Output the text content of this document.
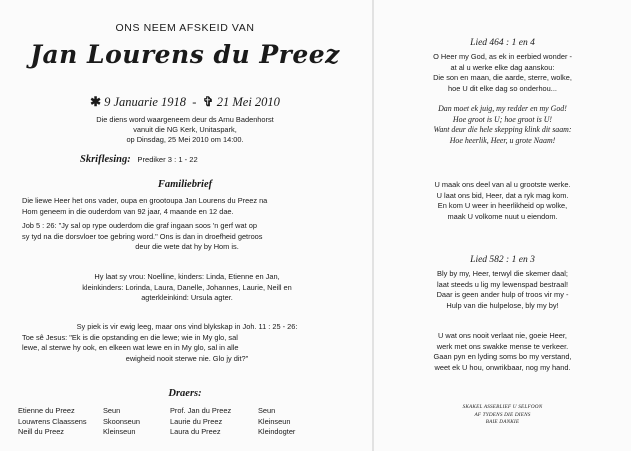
ONS NEEM AFSKEID VAN
Jan Lourens du Preez
✱ 9 Januarie 1918 - ✞ 21 Mei 2010
Die diens word waargeneem deur ds Arnu Badenhorst
vanuit die NG Kerk, Unitaspark,
op Dinsdag, 25 Mei 2010 om 14:00.
Skriflesing: Prediker 3 : 1 - 22
Familiebrief
Die liewe Heer het ons vader, oupa en grootoupa Jan Lourens du Preez na
Hom geneem in die ouderdom van 92 jaar, 4 maande en 12 dae.
Job 5 : 26: "Jy sal op rype ouderdom die graf ingaan soos 'n gerf wat op
sy tyd na die dorsvloer toe gebring word." Ons is dan in droefheid getroos
deur die wete dat hy by Hom is.
Hy laat sy vrou: Noelline, kinders: Linda, Etienne en Jan,
kleinkinders: Lorinda, Laura, Danelle, Johannes, Laurie, Neill en
agterkleinkind: Ursula agter.
Sy piek is vir ewig leeg, maar ons vind blykskap in Joh. 11 : 25 - 26:
Toe sê Jesus: "Ek is die opstanding en die lewe; wie in My glo, sal
lewe, al sterwe hy ook, en elkeen wat lewe en in My glo, sal in alle
ewigheid nooit sterwe nie. Glo jy dit?"
Draers:
Etienne du Preez
Louwrens Claassens
Neill du Preez
Seun
Skoonseun
Kleinseun
Prof. Jan du Preez
Laurie du Preez
Laura du Preez
Seun
Kleinseun
Kleindogter
Lied 464 : 1 en 4
O Heer my God, as ek in eerbied wonder -
at al u werke elke dag aanskou:
Die son en maan, die aarde, sterre, wolke,
hoe U dit elke dag so onderhou...
Dan moet ek juig, my redder en my God!
Hoe groot is U; hoe groot is U!
Want deur die hele skepping klink dit saam:
Hoe heerlik, Heer, u grote Naam!
U maak ons deel van al u grootste werke.
U laat ons bid, Heer, dat a ryk mag kom.
En kom U weer in heerlikheid op wolke,
maak U volkome nuut u eiendom.
Lied 582 : 1 en 3
Bly by my, Heer, terwyl die skemer daal;
laat steeds u lig my lewenspad bestraal!
Daar is geen ander hulp of troos vir my -
Hulp van die hulpelose, bly my by!
U wat ons nooit verlaat nie, goeie Heer,
werk met ons swakke mense te verkeer.
Gaan pyn en lyding soms bo my verstand,
weet ek U hou, onwrikbaar, nog my hand.
SKAKEL ASSEBLIEF U SELFOON
AF TYDENS DIE DIENS
BAIE DANKIE
